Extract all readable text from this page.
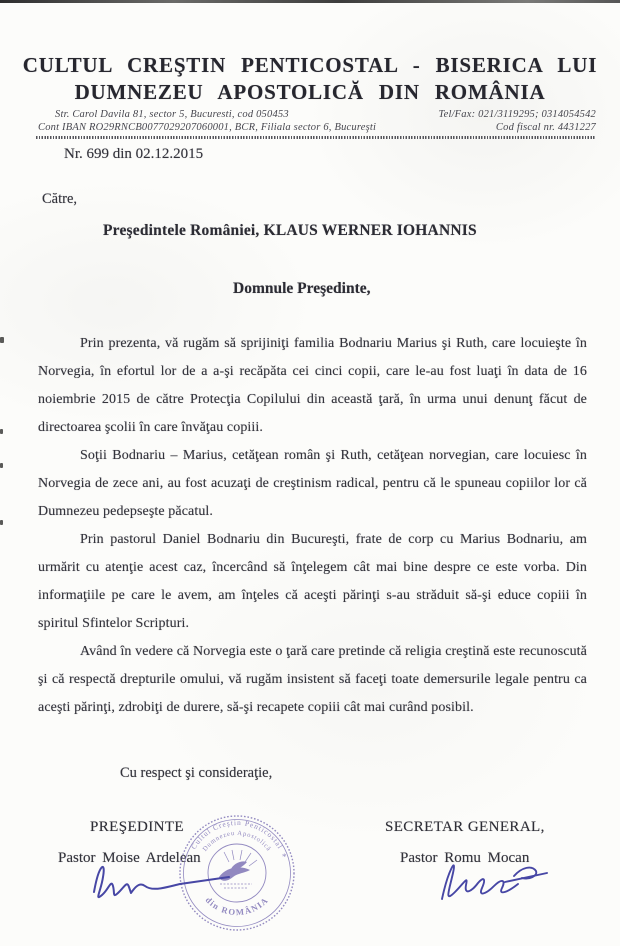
CULTUL CREŞTIN PENTICOSTAL - BISERICA LUI
DUMNEZEU APOSTOLICĂ DIN ROMÂNIA
Str. Carol Davila 81, sector 5, Bucuresti, cod 050453	Tel/Fax: 021/3119295; 0314054542
Cont IBAN RO29RNCB0077029207060001, BCR, Filiala sector 6, Bucureşti	Cod fiscal nr. 4431227
Nr. 699 din 02.12.2015
Către,
Preşedintele României, KLAUS WERNER IOHANNIS
Domnule Preşedinte,

Prin prezenta, vă rugăm să sprijiniţi familia Bodnariu Marius şi Ruth, care locuieşte în Norvegia, în efortul lor de a a-şi recăpăta cei cinci copii, care le-au fost luaţi în data de 16 noiembrie 2015 de către Protecţia Copilului din această ţară, în urma unui denunţ făcut de directoarea şcolii în care învăţau copiii.

Soţii Bodnariu – Marius, cetăţean român şi Ruth, cetăţean norvegian, care locuiesc în Norvegia de zece ani, au fost acuzaţi de creştinism radical, pentru că le spuneau copiilor lor că Dumnezeu pedepseşte păcatul.

Prin pastorul Daniel Bodnariu din Bucureşti, frate de corp cu Marius Bodnariu, am urmărit cu atenţie acest caz, încercând să înţelegem cât mai bine despre ce este vorba. Din informaţiile pe care le avem, am înţeles că aceşti părinţi s-au străduit să-şi educe copiii în spiritul Sfintelor Scripturi.

Având în vedere că Norvegia este o ţară care pretinde că religia creştină este recunoscută şi că respectă drepturile omului, vă rugăm insistent să faceţi toate demersurile legale pentru ca aceşti părinţi, zdrobiţi de durere, să-şi recapete copiii cât mai curând posibil.

Cu respect şi consideraţie,
PREŞEDINTE	SECRETAR GENERAL,
Pastor Moise Ardelean	Pastor Romu Mocan
Cultul Creştin Penticostal
Dumnezeu Apostolică
din ROMÂNIA
*
